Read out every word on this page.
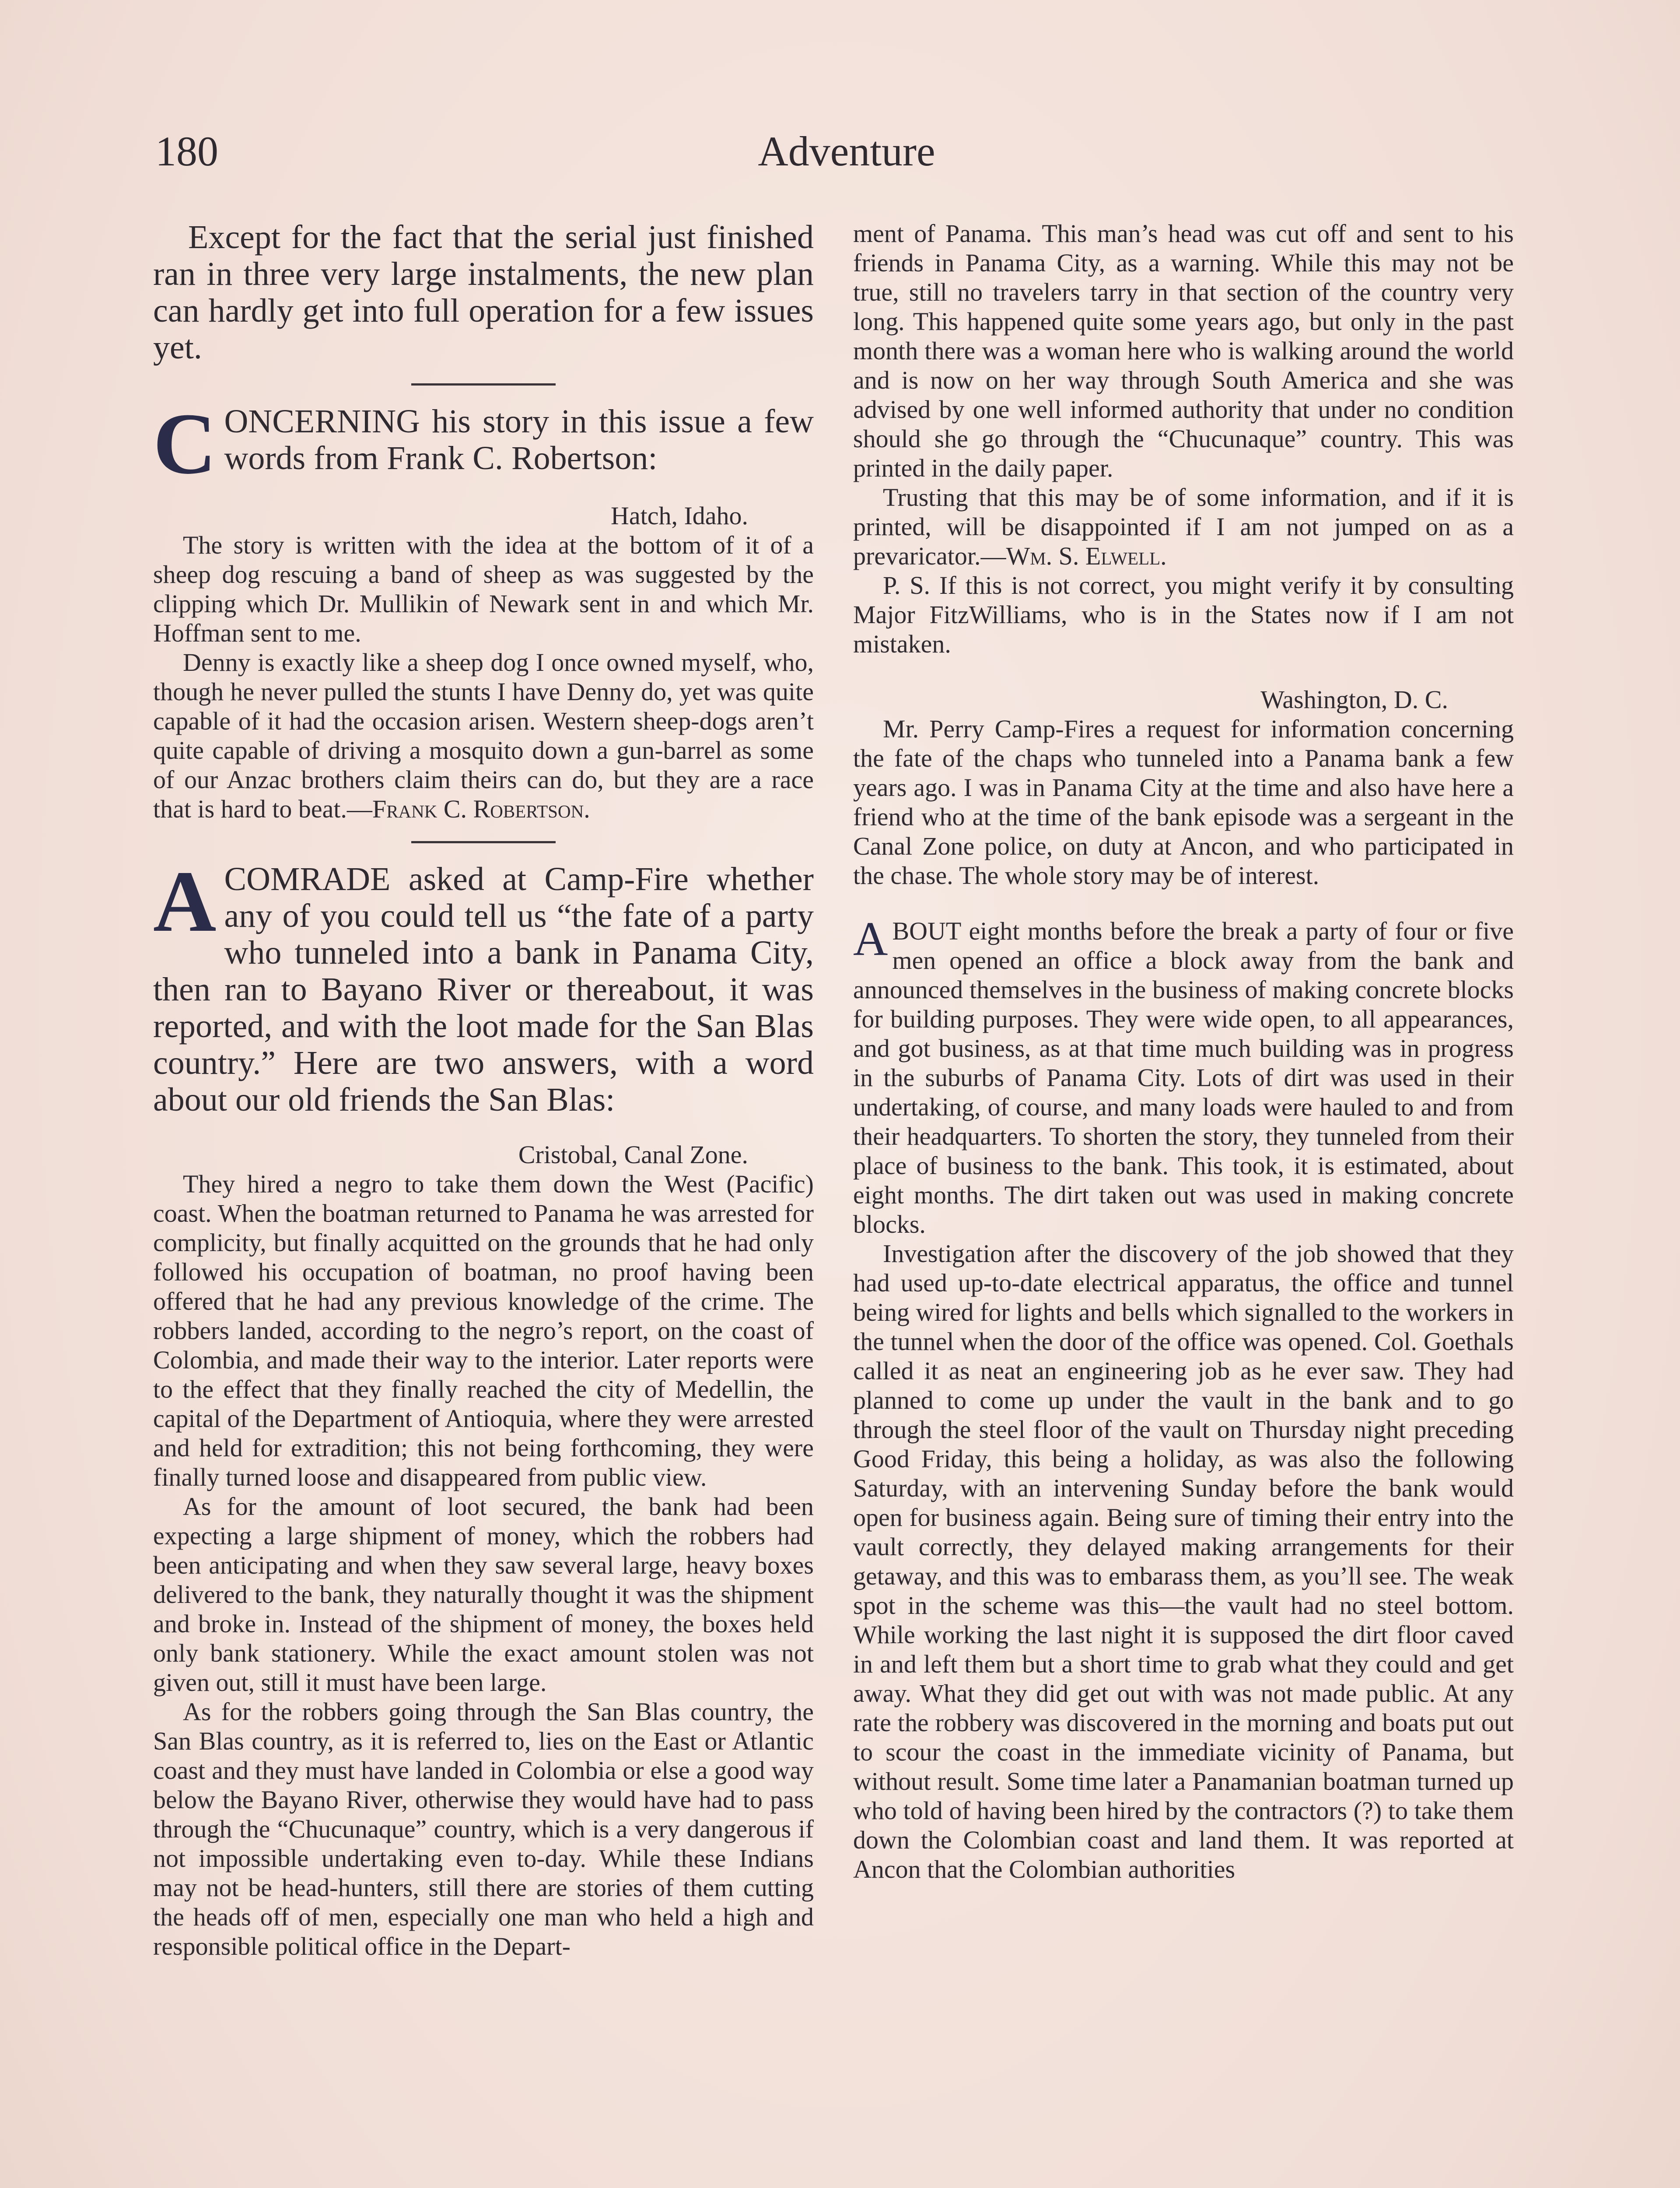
180	Adventure

Except for the fact that the serial just finished ran in three very large instalments, the new plan can hardly get into full operation for a few issues yet.

C ONCERNING his story in this issue a few words from Frank C. Robertson:

Hatch, Idaho.

The story is written with the idea at the bottom of it of a sheep dog rescuing a band of sheep as was suggested by the clipping which Dr. Mullikin of Newark sent in and which Mr. Hoffman sent to me.

Denny is exactly like a sheep dog I once owned myself, who, though he never pulled the stunts I have Denny do, yet was quite capable of it had the occasion arisen. Western sheep-dogs aren’t quite capable of driving a mosquito down a gun-barrel as some of our Anzac brothers claim theirs can do, but they are a race that is hard to beat.—Frank C. Robertson.

A COMRADE asked at Camp-Fire whether any of you could tell us “the fate of a party who tunneled into a bank in Panama City, then ran to Bayano River or thereabout, it was reported, and with the loot made for the San Blas country.” Here are two answers, with a word about our old friends the San Blas:

Cristobal, Canal Zone.

They hired a negro to take them down the West (Pacific) coast. When the boatman returned to Panama he was arrested for complicity, but finally acquitted on the grounds that he had only followed his occupation of boatman, no proof having been offered that he had any previous knowledge of the crime. The robbers landed, according to the negro’s report, on the coast of Colombia, and made their way to the interior. Later reports were to the effect that they finally reached the city of Medellin, the capital of the Department of Antioquia, where they were arrested and held for extradition; this not being forthcoming, they were finally turned loose and disappeared from public view.

As for the amount of loot secured, the bank had been expecting a large shipment of money, which the robbers had been anticipating and when they saw several large, heavy boxes delivered to the bank, they naturally thought it was the shipment and broke in. Instead of the shipment of money, the boxes held only bank stationery. While the exact amount stolen was not given out, still it must have been large.

As for the robbers going through the San Blas country, the San Blas country, as it is referred to, lies on the East or Atlantic coast and they must have landed in Colombia or else a good way below the Bayano River, otherwise they would have had to pass through the “Chucunaque” country, which is a very dangerous if not impossible undertaking even to-day. While these Indians may not be head-hunters, still there are stories of them cutting the heads off of men, especially one man who held a high and responsible political office in the Depart-

ment of Panama. This man’s head was cut off and sent to his friends in Panama City, as a warning. While this may not be true, still no travelers tarry in that section of the country very long. This happened quite some years ago, but only in the past month there was a woman here who is walking around the world and is now on her way through South America and she was advised by one well informed authority that under no condition should she go through the “Chucunaque” country. This was printed in the daily paper.

Trusting that this may be of some information, and if it is printed, will be disappointed if I am not jumped on as a prevaricator.—Wm. S. Elwell.

P. S. If this is not correct, you might verify it by consulting Major FitzWilliams, who is in the States now if I am not mistaken.

Washington, D. C.

Mr. Perry Camp-Fires a request for information concerning the fate of the chaps who tunneled into a Panama bank a few years ago. I was in Panama City at the time and also have here a friend who at the time of the bank episode was a sergeant in the Canal Zone police, on duty at Ancon, and who participated in the chase. The whole story may be of interest.

A BOUT eight months before the break a party of four or five men opened an office a block away from the bank and announced themselves in the business of making concrete blocks for building purposes. They were wide open, to all appearances, and got business, as at that time much building was in progress in the suburbs of Panama City. Lots of dirt was used in their undertaking, of course, and many loads were hauled to and from their headquarters. To shorten the story, they tunneled from their place of business to the bank. This took, it is estimated, about eight months. The dirt taken out was used in making concrete blocks.

Investigation after the discovery of the job showed that they had used up-to-date electrical apparatus, the office and tunnel being wired for lights and bells which signalled to the workers in the tunnel when the door of the office was opened. Col. Goethals called it as neat an engineering job as he ever saw. They had planned to come up under the vault in the bank and to go through the steel floor of the vault on Thursday night preceding Good Friday, this being a holiday, as was also the following Saturday, with an intervening Sunday before the bank would open for business again. Being sure of timing their entry into the vault correctly, they delayed making arrangements for their getaway, and this was to embarass them, as you’ll see. The weak spot in the scheme was this—the vault had no steel bottom. While working the last night it is supposed the dirt floor caved in and left them but a short time to grab what they could and get away. What they did get out with was not made public. At any rate the robbery was discovered in the morning and boats put out to scour the coast in the immediate vicinity of Panama, but without result. Some time later a Panamanian boatman turned up who told of having been hired by the contractors (?) to take them down the Colombian coast and land them. It was reported at Ancon that the Colombian authorities
